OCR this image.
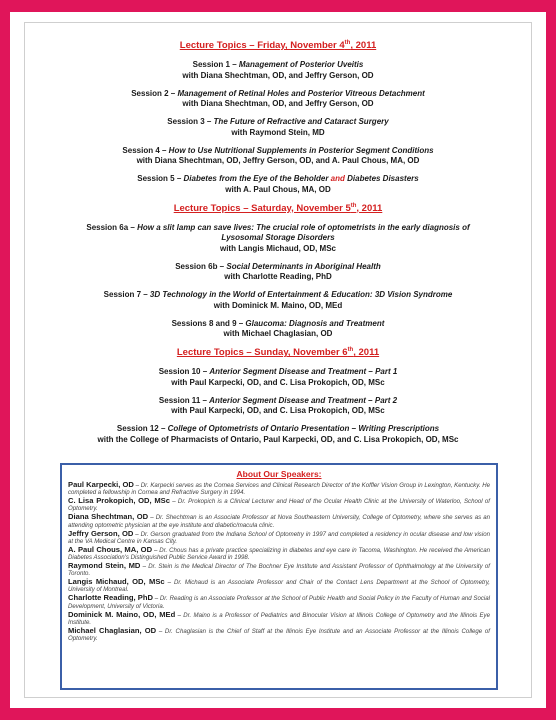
Lecture Topics – Friday, November 4th, 2011
Session 1 – Management of Posterior Uveitis
with Diana Shechtman, OD, and Jeffry Gerson, OD
Session 2 – Management of Retinal Holes and Posterior Vitreous Detachment
with Diana Shechtman, OD, and Jeffry Gerson, OD
Session 3 – The Future of Refractive and Cataract Surgery
with Raymond Stein, MD
Session 4 – How to Use Nutritional Supplements in Posterior Segment Conditions
with Diana Shechtman, OD, Jeffry Gerson, OD, and A. Paul Chous, MA, OD
Session 5 – Diabetes from the Eye of the Beholder and Diabetes Disasters
with A. Paul Chous, MA, OD
Lecture Topics – Saturday, November 5th, 2011
Session 6a – How a slit lamp can save lives: The crucial role of optometrists in the early diagnosis of Lysosomal Storage Disorders
with Langis Michaud, OD, MSc
Session 6b – Social Determinants in Aboriginal Health
with Charlotte Reading, PhD
Session 7 – 3D Technology in the World of Entertainment & Education: 3D Vision Syndrome
with Dominick M. Maino, OD, MEd
Sessions 8 and 9 – Glaucoma: Diagnosis and Treatment
with Michael Chaglasian, OD
Lecture Topics – Sunday, November 6th, 2011
Session 10 – Anterior Segment Disease and Treatment – Part 1
with Paul Karpecki, OD, and C. Lisa Prokopich, OD, MSc
Session 11 – Anterior Segment Disease and Treatment – Part 2
with Paul Karpecki, OD, and C. Lisa Prokopich, OD, MSc
Session 12 – College of Optometrists of Ontario Presentation – Writing Prescriptions
with the College of Pharmacists of Ontario, Paul Karpecki, OD, and C. Lisa Prokopich, OD, MSc
About Our Speakers:
Paul Karpecki, OD – Dr. Karpecki serves as the Cornea Services and Clinical Research Director of the Koffler Vision Group in Lexington, Kentucky. He completed a fellowship in Cornea and Refractive Surgery in 1994.
C. Lisa Prokopich, OD, MSc – Dr. Prokopich is a Clinical Lecturer and Head of the Ocular Health Clinic at the University of Waterloo, School of Optometry.
Diana Shechtman, OD – Dr. Shechtman is an Associate Professor at Nova Southeastern University, College of Optometry, where she serves as an attending optometric physician at the eye institute and diabetic/macula clinic.
Jeffry Gerson, OD – Dr. Gerson graduated from the Indiana School of Optometry in 1997 and completed a residency in ocular disease and low vision at the VA Medical Centre in Kansas City.
A. Paul Chous, MA, OD – Dr. Chous has a private practice specializing in diabetes and eye care in Tacoma, Washington. He received the American Diabetes Association's Distinguished Public Service Award in 1998.
Raymond Stein, MD – Dr. Stein is the Medical Director of The Bochner Eye Institute and Assistant Professor of Ophthalmology at the University of Toronto.
Langis Michaud, OD, MSc – Dr. Michaud is an Associate Professor and Chair of the Contact Lens Department at the School of Optometry, University of Montreal.
Charlotte Reading, PhD – Dr. Reading is an Associate Professor at the School of Public Health and Social Policy in the Faculty of Human and Social Development, University of Victoria.
Dominick M. Maino, OD, MEd – Dr. Maino is a Professor of Pediatrics and Binocular Vision at Illinois College of Optometry and the Illinois Eye Institute.
Michael Chaglasian, OD – Dr. Chaglasian is the Chief of Staff at the Illinois Eye Institute and an Associate Professor at the Illinois College of Optometry.
